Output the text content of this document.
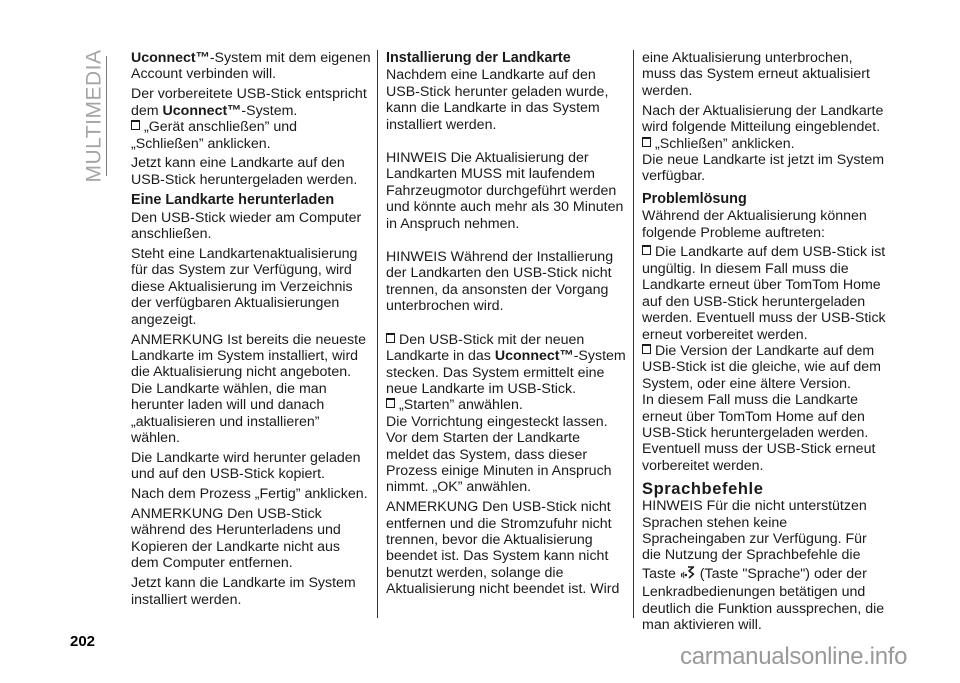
MULTIMEDIA Uconnect™-System mit dem eigenen Account verbinden will.

Der vorbereitete USB-Stick entspricht dem Uconnect™-System.

„Gerät anschließen” und „Schließen” anklicken.

Jetzt kann eine Landkarte auf den USB-Stick heruntergeladen werden.

Eine Landkarte herunterladen

Den USB-Stick wieder am Computer anschließen.

Steht eine Landkartenaktualisierung für das System zur Verfügung, wird diese Aktualisierung im Verzeichnis der verfügbaren Aktualisierungen angezeigt.

ANMERKUNG Ist bereits die neueste Landkarte im System installiert, wird die Aktualisierung nicht angeboten. Die Landkarte wählen, die man herunter laden will und danach „aktualisieren und installieren” wählen.

Die Landkarte wird herunter geladen und auf den USB-Stick kopiert.

Nach dem Prozess „Fertig” anklicken.

ANMERKUNG Den USB-Stick während des Herunterladens und Kopieren der Landkarte nicht aus dem Computer entfernen.

Jetzt kann die Landkarte im System installiert werden.

Installierung der Landkarte

Nachdem eine Landkarte auf den USB-Stick herunter geladen wurde, kann die Landkarte in das System installiert werden.

HINWEIS Die Aktualisierung der Landkarten MUSS mit laufendem Fahrzeugmotor durchgeführt werden und könnte auch mehr als 30 Minuten in Anspruch nehmen.

HINWEIS Während der Installierung der Landkarten den USB-Stick nicht trennen, da ansonsten der Vorgang unterbrochen wird.

Den USB-Stick mit der neuen Landkarte in das Uconnect™-System stecken. Das System ermittelt eine neue Landkarte im USB-Stick.

„Starten” anwählen.

Die Vorrichtung eingesteckt lassen. Vor dem Starten der Landkarte meldet das System, dass dieser Prozess einige Minuten in Anspruch nimmt. „OK” anwählen.

ANMERKUNG Den USB-Stick nicht entfernen und die Stromzufuhr nicht trennen, bevor die Aktualisierung beendet ist. Das System kann nicht benutzt werden, solange die Aktualisierung nicht beendet ist. Wird

eine Aktualisierung unterbrochen, muss das System erneut aktualisiert werden.

Nach der Aktualisierung der Landkarte wird folgende Mitteilung eingeblendet.

„Schließen” anklicken.

Die neue Landkarte ist jetzt im System verfügbar.

Problemlösung

Während der Aktualisierung können folgende Probleme auftreten:

Die Landkarte auf dem USB-Stick ist ungültig. In diesem Fall muss die Landkarte erneut über TomTom Home auf den USB-Stick heruntergeladen werden. Eventuell muss der USB-Stick erneut vorbereitet werden.

Die Version der Landkarte auf dem USB-Stick ist die gleiche, wie auf dem System, oder eine ältere Version.

In diesem Fall muss die Landkarte erneut über TomTom Home auf den USB-Stick heruntergeladen werden. Eventuell muss der USB-Stick erneut vorbereitet werden.

Sprachbefehle

HINWEIS Für die nicht unterstützen Sprachen stehen keine Spracheingaben zur Verfügung. Für die Nutzung der Sprachbefehle die Taste  (Taste "Sprache") oder der Lenkradbedienungen betätigen und deutlich die Funktion aussprechen, die man aktivieren will.

202
carmanualsonline.info
